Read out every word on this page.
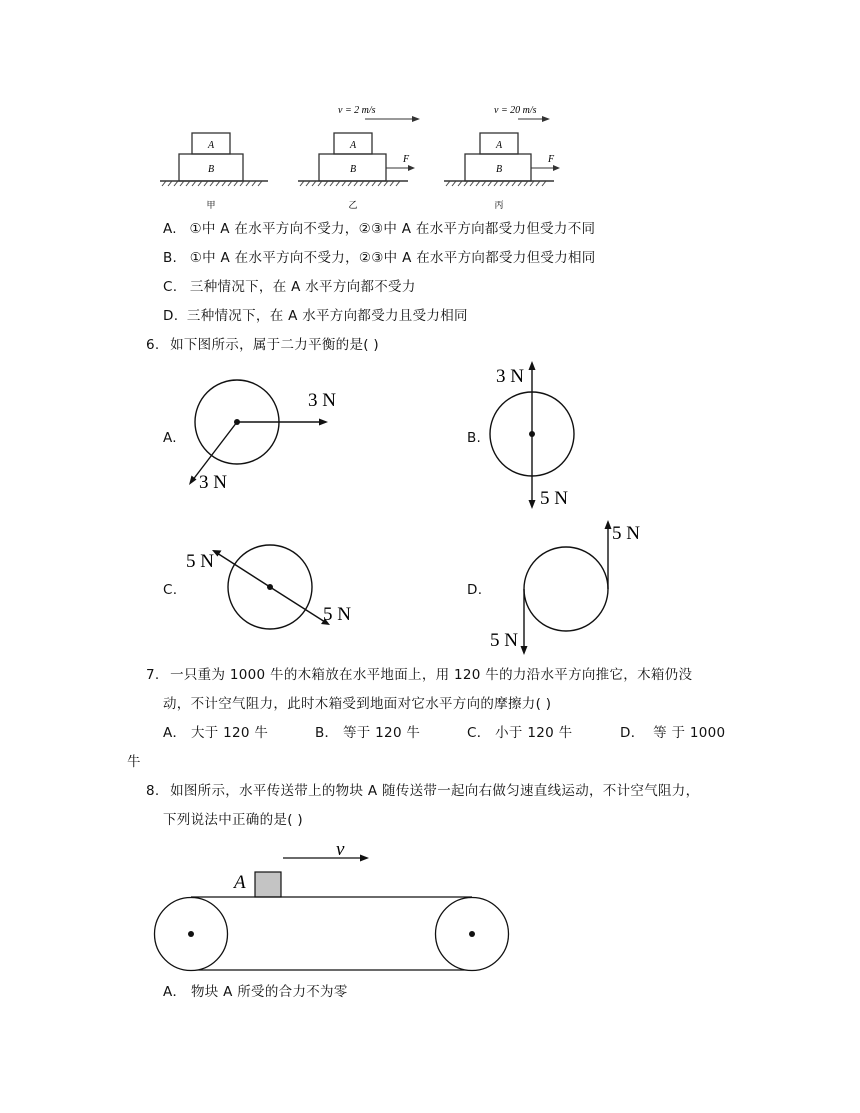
A
B
甲
v = 2 m/s
F
A
B
乙
v = 20 m/s
F
A
B
丙
A. ①中 A 在水平方向不受力，②③中 A 在水平方向都受力但受力不同
B. ①中 A 在水平方向不受力，②③中 A 在水平方向都受力但受力相同
C. 三种情况下，在 A 水平方向都不受力
D. 三种情况下，在 A 水平方向都受力且受力相同
6. 如下图所示，属于二力平衡的是( )
A.
3 N
3 N
B.
3 N
5 N
C.
5 N
5 N
D.
5 N
5 N
7. 一只重为 1000 牛的木箱放在水平地面上，用 120 牛的力沿水平方向推它，木箱仍没
动，不计空气阻力，此时木箱受到地面对它水平方向的摩擦力( )
A． 大于 120 牛	B． 等于 120 牛	C． 小于 120 牛	D． 等 于 1000
牛
8. 如图所示，水平传送带上的物块 A 随传送带一起向右做匀速直线运动，不计空气阻力，
下列说法中正确的是( )
v
A
A． 物块 A 所受的合力不为零
